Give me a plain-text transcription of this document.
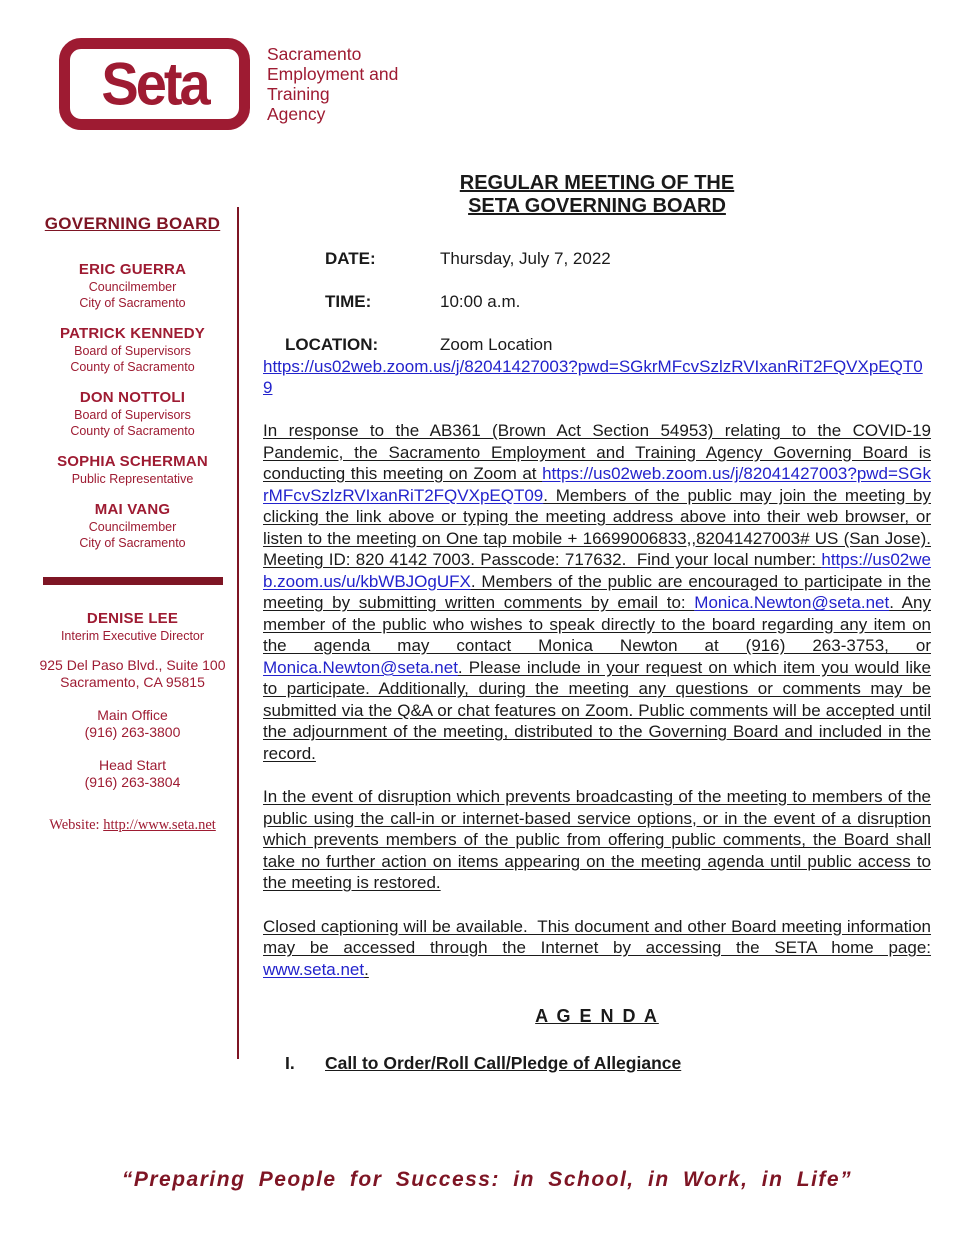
Seta	Sacramento
Employment and
Training
Agency
GOVERNING BOARD
ERIC GUERRA
Councilmember
City of Sacramento
PATRICK KENNEDY
Board of Supervisors
County of Sacramento
DON NOTTOLI
Board of Supervisors
County of Sacramento
SOPHIA SCHERMAN
Public Representative
MAI VANG
Councilmember
City of Sacramento
DENISE LEE
Interim Executive Director
925 Del Paso Blvd., Suite 100
Sacramento, CA 95815
Main Office
(916) 263-3800
Head Start
(916) 263-3804
Website: http://www.seta.net
REGULAR MEETING OF THE
SETA GOVERNING BOARD
DATE:	Thursday, July 7, 2022
TIME:	10:00 a.m.
LOCATION:	Zoom Location
https://us02web.zoom.us/j/82041427003?pwd=SGkrMFcvSzlzRVIxanRiT2FQVXpEQT09

In response to the AB361 (Brown Act Section 54953) relating to the COVID-19 Pandemic, the Sacramento Employment and Training Agency Governing Board is conducting this meeting on Zoom at https://us02web.zoom.us/j/82041427003?pwd=SGkrMFcvSzlzRVIxanRiT2FQVXpEQT09. Members of the public may join the meeting by clicking the link above or typing the meeting address above into their web browser, or listen to the meeting on One tap mobile + 16699006833,,82041427003# US (San Jose). Meeting ID: 820 4142 7003. Passcode: 717632.  Find your local number: https://us02web.zoom.us/u/kbWBJOgUFX. Members of the public are encouraged to participate in the meeting by submitting written comments by email to: Monica.Newton@seta.net. Any member of the public who wishes to speak directly to the board regarding any item on the agenda may contact Monica Newton at (916) 263-3753, or Monica.Newton@seta.net. Please include in your request on which item you would like to participate. Additionally, during the meeting any questions or comments may be submitted via the Q&A or chat features on Zoom. Public comments will be accepted until the adjournment of the meeting, distributed to the Governing Board and included in the record.

In the event of disruption which prevents broadcasting of the meeting to members of the public using the call-in or internet-based service options, or in the event of a disruption which prevents members of the public from offering public comments, the Board shall take no further action on items appearing on the meeting agenda until public access to the meeting is restored.

Closed captioning will be available.  This document and other Board meeting information may be accessed through the Internet by accessing the SETA home page: www.seta.net.

A G E N D A
I.	Call to Order/Roll Call/Pledge of Allegiance
“Preparing People for Success: in School, in Work, in Life”
